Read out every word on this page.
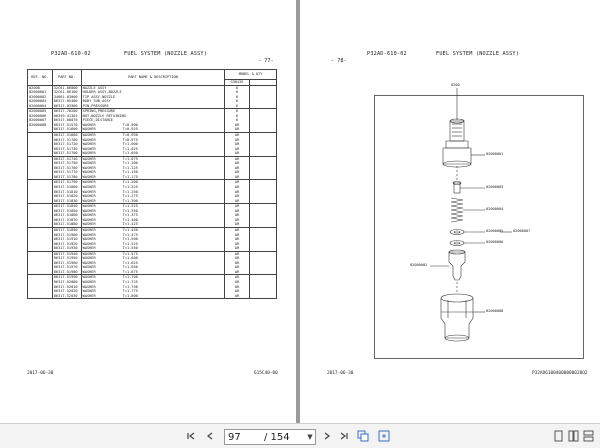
P32AD-610-02	FUEL SYSTEM (NOZZLE ASSY)
- 77-
REF. NO.	PART NO.	PART NAME & DESCRIPTION	MODEL & QTY	
			G3R42E	
02000	32C61-06000	NOZZLE ASSY	6	
02000001	32C61-06100	HOLDER ASSY,NOZZLE	6	
02000002	34661-03000	TIP ASSY,NOZZLE	6	
02000003	06317-05400	BODY SUB ASSY	6	
02000004	06317-03300	PIN,PRESSURE	6	
02000005	06317-70200	SPRING,PRESSURE	6	
02000006	06349-41301	NUT,NOZZLE RETAINING	6	
02000007	06317-00070	PIECE,DISTANCE	6	
02000008	06317-51570	WASHER T=0.900	AR	
	06317-51600	WASHER T=0.925	AR	
	06317-51660	WASHER T=0.950	AR	
	06317-51700	WASHER T=0.975	AR	
	06317-51720	WASHER T=1.000	AR	
	06317-51730	WASHER T=1.025	AR	
	06317-51700	WASHER T=1.050	AR	
	06317-51740	WASHER T=1.075	AR	
	06317-51750	WASHER T=1.100	AR	
	06317-51760	WASHER T=1.125	AR	
	06317-51770	WASHER T=1.150	AR	
	06317-51780	WASHER T=1.175	AR	
	06317-51790	WASHER T=1.200	AR	
	06317-51800	WASHER T=1.225	AR	
	06317-51810	WASHER T=1.250	AR	
	06317-51820	WASHER T=1.275	AR	
	06317-51830	WASHER T=1.300	AR	
	06317-51840	WASHER T=1.325	AR	
	06317-51850	WASHER T=1.350	AR	
	06317-51860	WASHER T=1.375	AR	
	06317-51870	WASHER T=1.400	AR	
	06317-51880	WASHER T=1.425	AR	
	06317-51890	WASHER T=1.450	AR	
	06317-51900	WASHER T=1.475	AR	
	06317-51910	WASHER T=1.500	AR	
	06317-51920	WASHER T=1.525	AR	
	06317-51930	WASHER T=1.550	AR	
	06317-51940	WASHER T=1.575	AR	
	06317-51950	WASHER T=1.600	AR	
	06317-51960	WASHER T=1.625	AR	
	06317-51970	WASHER T=1.650	AR	
	06317-51980	WASHER T=1.675	AR	
	06317-51990	WASHER T=1.700	AR	
	06317-52000	WASHER T=1.725	AR	
	06317-52010	WASHER T=1.750	AR	
	06317-52020	WASHER T=1.775	AR	
	06317-52030	WASHER T=1.800	AR	
2017-06-30	615C40-00
- 78-
P32AD-610-02	FUEL SYSTEM (NOZZLE ASSY)
0200
02000001
02000003
02000004
02000005
02000006
02000007
02000002
02000008
2017-06-30	P32AD61004000000020Q2
97	/ 154	▼
